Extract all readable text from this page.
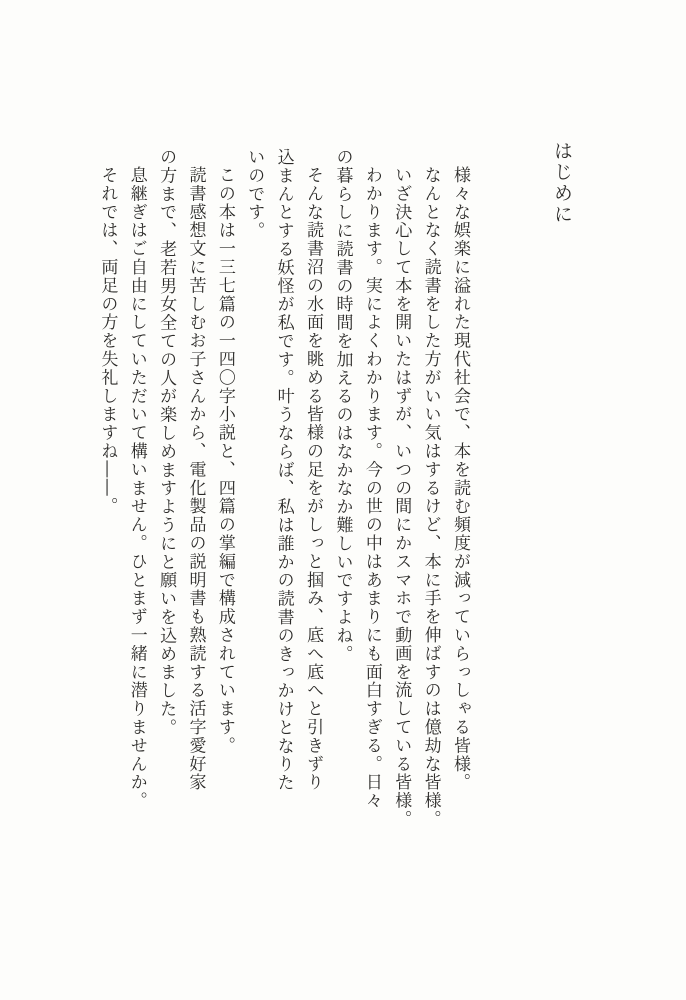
はじめに
様々な娯楽に溢れた現代社会で、本を読む頻度が減っていらっしゃる皆様。
なんとなく読書をした方がいい気はするけど、本に手を伸ばすのは億劫な皆様。
いざ決心して本を開いたはずが、いつの間にかスマホで動画を流している皆様。
わかります。実によくわかります。今の世の中はあまりにも面白すぎる。日々
の暮らしに読書の時間を加えるのはなかなか難しいですよね。
そんな読書沼の水面を眺める皆様の足をがしっと掴み、底へ底へと引きずり
込まんとする妖怪が私です。叶うならば、私は誰かの読書のきっかけとなりた
いのです。
この本は一三七篇の一四〇字小説と、四篇の掌編で構成されています。
読書感想文に苦しむお子さんから、電化製品の説明書も熟読する活字愛好家
の方まで、老若男女全ての人が楽しめますようにと願いを込めました。
息継ぎはご自由にしていただいて構いません。ひとまず一緒に潜りませんか。
それでは、両足の方を失礼しますね――。
